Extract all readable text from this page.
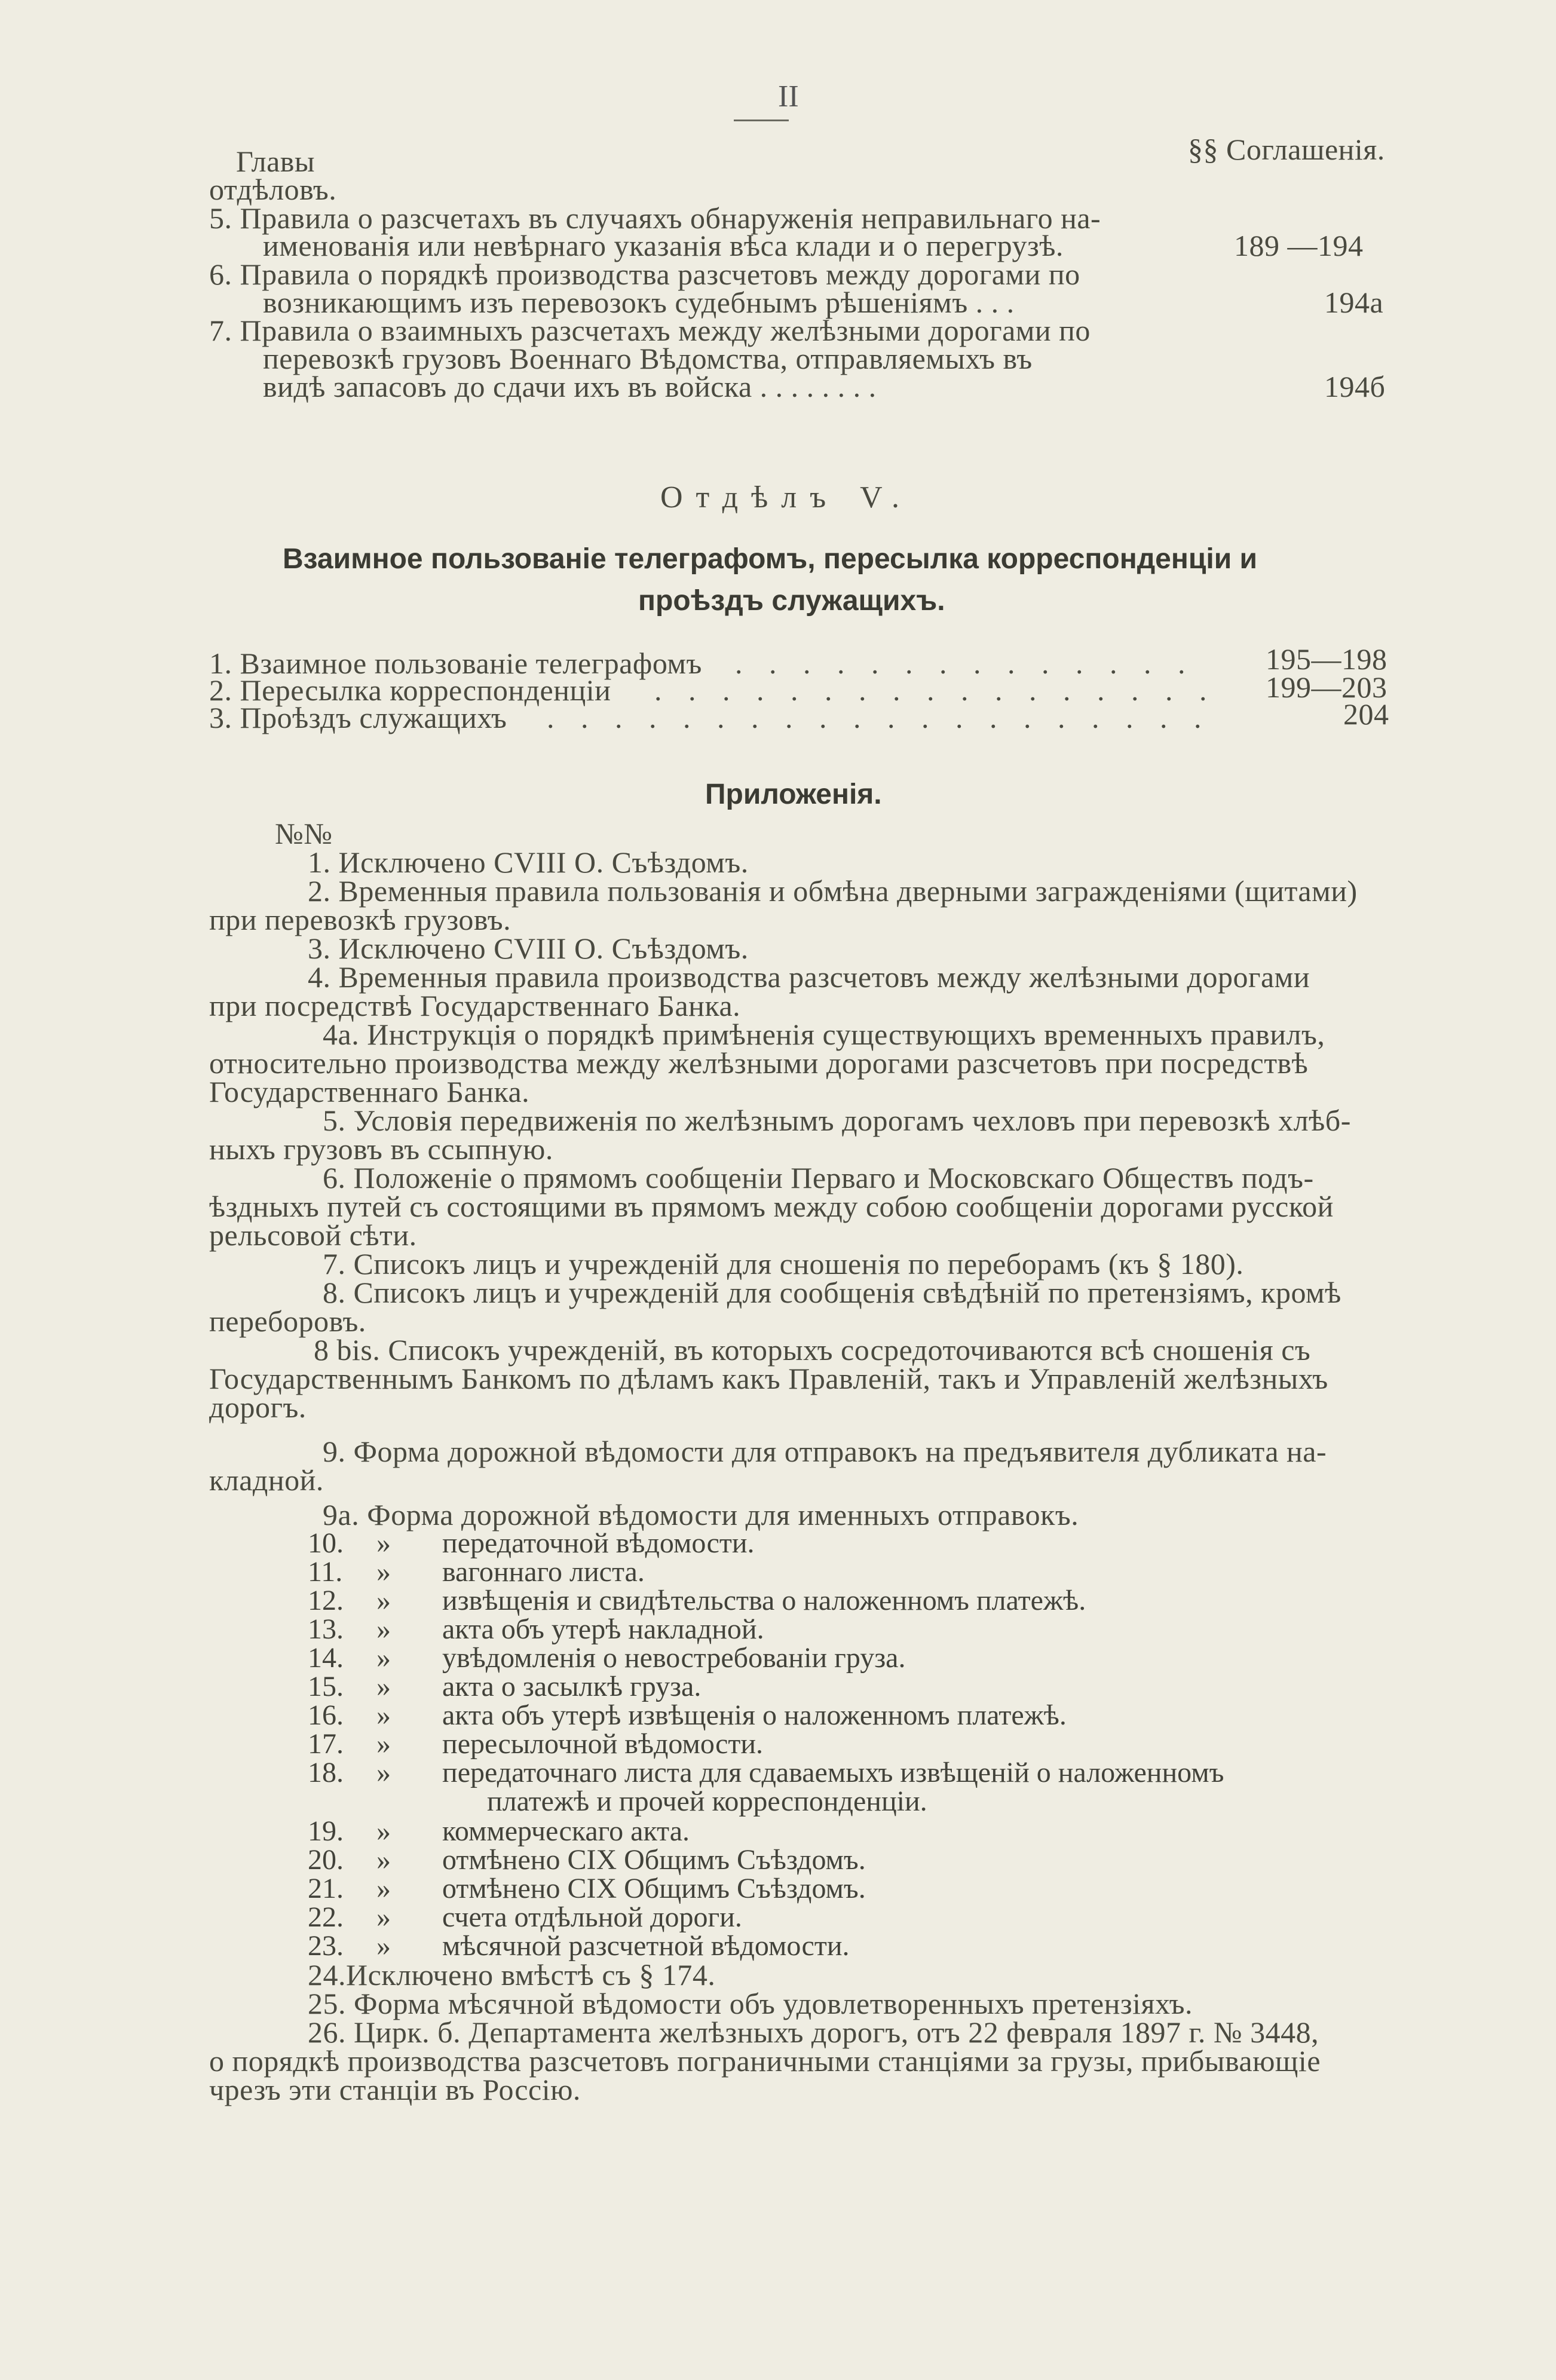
II
Главы
отдѣловъ.
§§ Соглашенія.
5. Правила о разсчетахъ въ случаяхъ обнаруженія неправильнаго на-
именованія или невѣрнаго указанія вѣса клади и о перегрузѣ.	189 —194
6. Правила о порядкѣ производства разсчетовъ между дорогами по
возникающимъ изъ перевозокъ судебнымъ рѣшеніямъ . . .	194а
7. Правила о взаимныхъ разсчетахъ между желѣзными дорогами по
перевозкѣ грузовъ Военнаго Вѣдомства, отправляемыхъ въ
видѣ запасовъ до сдачи ихъ въ войска . . . . . . . .	194б
Отдѣлъ V.
Взаимное пользованіе телеграфомъ, пересылка корреспонденціи и
проѣздъ служащихъ.
1. Взаимное пользованіе телеграфомъ . . . . . . . . . . . . . . 195—198
2. Пересылка корреспонденціи . . . . . . . . . . . . . . . . . 199—203
3. Проѣздъ служащихъ . . . . . . . . . . . . . . . . . . . .	204
Приложенія.
№№
1. Исключено CVIII О. Съѣздомъ.
2. Временныя правила пользованія и обмѣна дверными загражденіями (щитами)
при перевозкѣ грузовъ.
3. Исключено CVIII О. Съѣздомъ.
4. Временныя правила производства разсчетовъ между желѣзными дорогами
при посредствѣ Государственнаго Банка.
4а. Инструкція о порядкѣ примѣненія существующихъ временныхъ правилъ,
относительно производства между желѣзными дорогами разсчетовъ при посредствѣ
Государственнаго Банка.
5. Условія передвиженія по желѣзнымъ дорогамъ чехловъ при перевозкѣ хлѣб-
ныхъ грузовъ въ ссыпную.
6. Положеніе о прямомъ сообщеніи Перваго и Московскаго Обществъ подъ-
ѣздныхъ путей съ состоящими въ прямомъ между собою сообщеніи дорогами русской
рельсовой сѣти.
7. Списокъ лицъ и учрежденій для сношенія по переборамъ (къ § 180).
8. Списокъ лицъ и учрежденій для сообщенія свѣдѣній по претензіямъ, кромѣ
переборовъ.
8 bis. Списокъ учрежденій, въ которыхъ сосредоточиваются всѣ сношенія съ
Государственнымъ Банкомъ по дѣламъ какъ Правленій, такъ и Управленій желѣзныхъ
дорогъ.
9. Форма дорожной вѣдомости для отправокъ на предъявителя дубликата на-
кладной.
9а. Форма дорожной вѣдомости для именныхъ отправокъ.
10. » передаточной вѣдомости.
11. » вагоннаго листа.
12. » извѣщенія и свидѣтельства о наложенномъ платежѣ.
13. » акта объ утерѣ накладной.
14. » увѣдомленія о невостребованіи груза.
15. » акта о засылкѣ груза.
16. » акта объ утерѣ извѣщенія о наложенномъ платежѣ.
17. » пересылочной вѣдомости.
18. » передаточнаго листа для сдаваемыхъ извѣщеній о наложенномъ
платежѣ и прочей корреспонденціи.
19. » коммерческаго акта.
20. » отмѣнено CIX Общимъ Съѣздомъ.
21. » отмѣнено CIX Общимъ Съѣздомъ.
22. » счета отдѣльной дороги.
23. » мѣсячной разсчетной вѣдомости.
24.Исключено вмѣстѣ съ § 174.
25. Форма мѣсячной вѣдомости объ удовлетворенныхъ претензіяхъ.
26. Цирк. б. Департамента желѣзныхъ дорогъ, отъ 22 февраля 1897 г. № 3448,
о порядкѣ производства разсчетовъ пограничными станціями за грузы, прибывающіе
чрезъ эти станціи въ Россію.
